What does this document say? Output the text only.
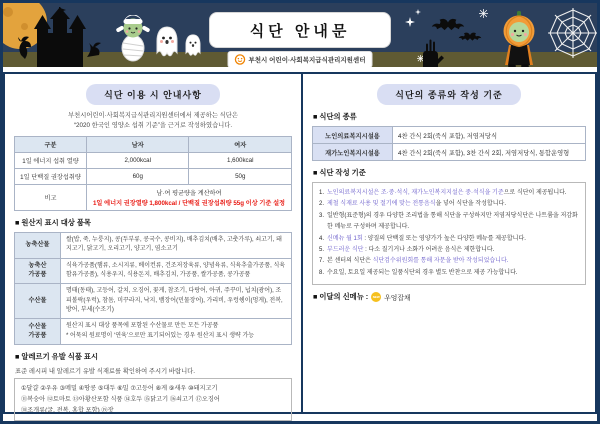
식단 안내문
부천시 어린이·사회복지급식관리지원센터
식단 이용 시 안내사항
부천시어린이·사회복지급식관리지원센터에서 제공하는 식단은
“2020 한국인 영양소 섭취 기준”을 근거로 작성하였습니다.
구분	남자	여자
1일 에너지 섭취 열량	2,000kcal	1,600kcal
1일 단백질 권장섭취량	60g	50g
비고	남·여 평균량을 계산하여
1일 에너지 권장열량 1,800kcal / 단백질 권장섭취량 55g 이상 기준 설정	
■ 원산지 표시 대상 품목
농축산물	쌀(밥, 죽, 누룽지), 콩(두부류, 콩국수, 콩비지), 배추김치(배추, 고춧가루), 쇠고기, 돼지고기, 닭고기, 오리고기, 양고기, 염소고기

농축산
가공품	식육가공품(햄류, 소시지류, 베이컨류, 건조저장육류, 양념육류, 식육추출가공품, 식육함유가공품), 식용우지, 식용돈지, 배추김치, 가공품, 쌀가공품, 콩가공품

수산물	명태(동태), 고등어, 갈치, 오징어, 꽃게, 참조기, 다랑어, 아귀, 주꾸미, 넙치(광어), 조피볼락(우럭), 참돔, 미꾸라지, 낙지, 뱀장어(민물장어), 가리비, 우렁쉥이(멍게), 전복, 방어, 부세(수조기)

수산물
가공품

원산지 표시 대상 품목에 포함된 수산물로 만든 모든 가공품
* 어묵의 원료명이 ‘연육’으로만 표기되어있는 경우 원산지 표시 생략 가능
■ 알레르기 유발 식품 표시
표준 레시피 내 알레르기 유발 식재료를 확인하여 주시기 바랍니다.
①달걀 ②우유 ③메밀 ④땅콩 ⑤대두 ⑥밀 ⑦고등어 ⑧게 ⑨새우 ⑩돼지고기
⑪복숭아 ⑫토마토 ⑬아황산포함 식품 ⑭호두 ⑮닭고기 ⑯쇠고기 ⑰오징어
⑱조개류(굴, 전복, 홍합 포함) ⑲잣
식단의 종류와 작성 기준
■ 식단의 종류
노인의료복지시설용	4찬 간식 2회(죽식 포함), 저염저당식
재가노인복지시설용	4찬 간식 2회(죽식 포함), 3찬 간식 2회, 저염저당식, 통합운영형
■ 식단 작성 기준
1. 노인의료복지시설은 조·중·석식, 재가노인복지지설은 중·석식을 기준으로 식단이 제공됩니다.
2. 제철 식재료 사용 및 절기에 맞는 전통음식을 넣어 식단을 작성합니다.
3. 일반형(표준형)의 경우 다양한 조리법을 통해 식단을 구성하지만 저염저당식단은 나트륨을 저감화한 메뉴로 구성하며 제공합니다.
4. 신메뉴 월 1회 : 양질의 단백질 또는 영양가가 높은 다양한 메뉴를 제공합니다.
5. 부드러운 식단 : 다소 질기거나 소화가 어려운 음식은 제한합니다.
7. 본 센터의 식단은 식단검수위원회를 통해 자문을 받아 작성되었습니다.
8. 수요일, 토요일 제공되는 일품식단의 경우 별도 반찬으로 제공 가능합니다.
■ 이달의 신메뉴 :	NEW 우엉잡채
